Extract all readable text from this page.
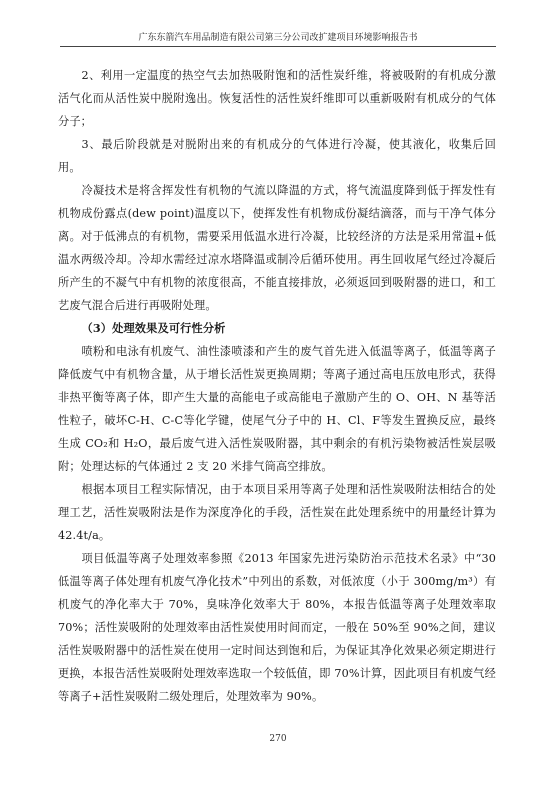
广东东箭汽车用品制造有限公司第三分公司改扩建项目环境影响报告书

2、利用一定温度的热空气去加热吸附饱和的活性炭纤维，将被吸附的有机成分激活气化而从活性炭中脱附逸出。恢复活性的活性炭纤维即可以重新吸附有机成分的气体分子；

3、最后阶段就是对脱附出来的有机成分的气体进行冷凝，使其液化，收集后回用。

冷凝技术是将含挥发性有机物的气流以降温的方式，将气流温度降到低于挥发性有机物成份露点(dew point)温度以下，使挥发性有机物成份凝结滴落，而与干净气体分离。对于低沸点的有机物，需要采用低温水进行冷凝，比较经济的方法是采用常温+低温水两级冷却。冷却水需经过凉水塔降温或制冷后循环使用。再生回收尾气经过冷凝后所产生的不凝气中有机物的浓度很高，不能直接排放，必须返回到吸附器的进口，和工艺废气混合后进行再吸附处理。

（3）处理效果及可行性分析

喷粉和电泳有机废气、油性漆喷漆和产生的废气首先进入低温等离子，低温等离子降低废气中有机物含量，从于增长活性炭更换周期；等离子通过高电压放电形式，获得非热平衡等离子体，即产生大量的高能电子或高能电子激励产生的 O、OH、N 基等活性粒子，破坏C-H、C-C等化学键，使尾气分子中的 H、Cl、F等发生置换反应，最终生成 CO₂和 H₂O，最后废气进入活性炭吸附器，其中剩余的有机污染物被活性炭层吸附；处理达标的气体通过 2 支 20 米排气筒高空排放。

根据本项目工程实际情况，由于本项目采用等离子处理和活性炭吸附法相结合的处理工艺，活性炭吸附法是作为深度净化的手段，活性炭在此处理系统中的用量经计算为 42.4t/a。

项目低温等离子处理效率参照《2013 年国家先进污染防治示范技术名录》中“30 低温等离子体处理有机废气净化技术”中列出的系数，对低浓度（小于 300mg/m³）有机废气的净化率大于 70%，臭味净化效率大于 80%，本报告低温等离子处理效率取 70%；活性炭吸附的处理效率由活性炭使用时间而定，一般在 50%至 90%之间，建议活性炭吸附器中的活性炭在使用一定时间达到饱和后，为保证其净化效果必须定期进行更换，本报告活性炭吸附处理效率选取一个较低值，即 70%计算，因此项目有机废气经等离子+活性炭吸附二级处理后，处理效率为 90%。

270
